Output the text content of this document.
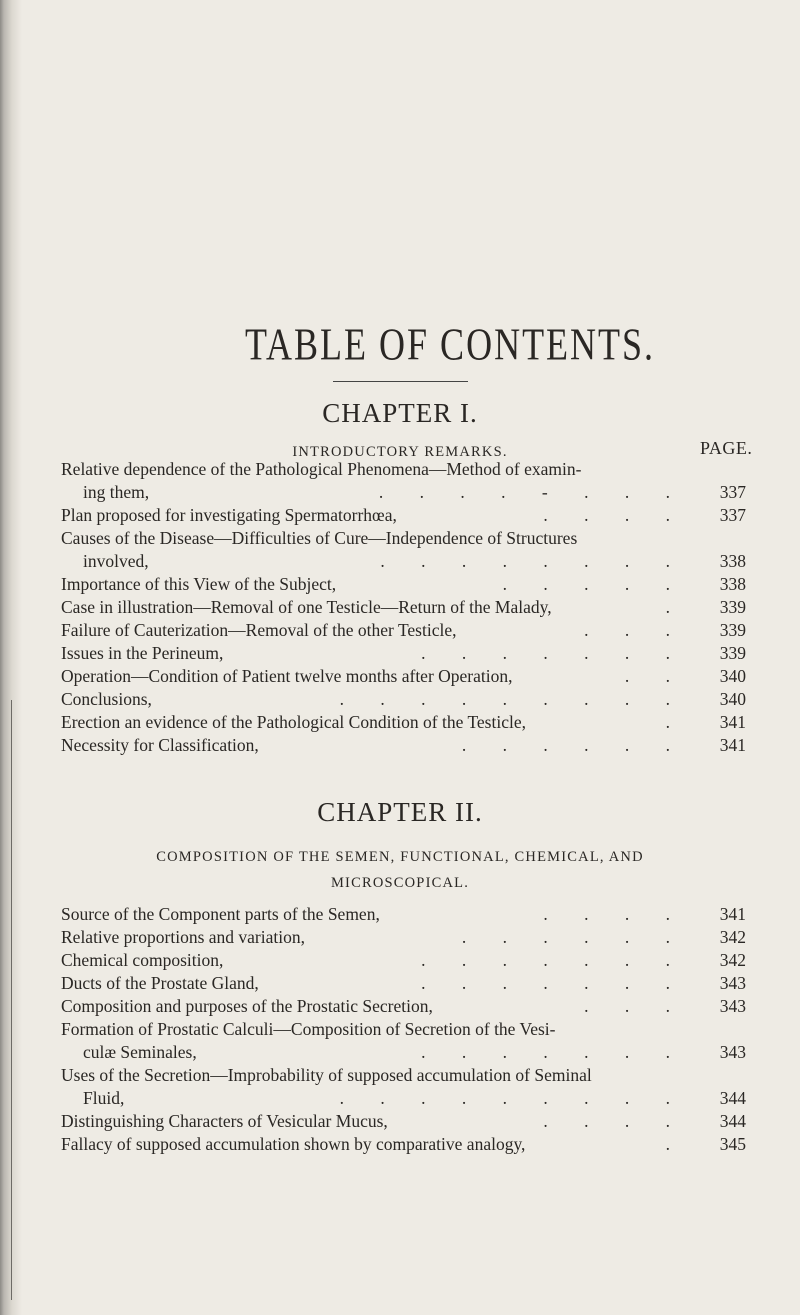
TABLE OF CONTENTS.
CHAPTER I.
INTRODUCTORY REMARKS.	PAGE.
Relative dependence of the Pathological Phenomena—Method of examin-
ing them,	. . . . - . . .	337
Plan proposed for investigating Spermatorrhœa,	. . . .	337
Causes of the Disease—Difficulties of Cure—Independence of Structures
involved,	. . . . . . . .	338
Importance of this View of the Subject,	. . . . .	338
Case in illustration—Removal of one Testicle—Return of the Malady,	.	339
Failure of Cauterization—Removal of the other Testicle,	. . .	339
Issues in the Perineum,	. . . . . . .	339
Operation—Condition of Patient twelve months after Operation,	. .	340
Conclusions,	. . . . . . . . .	340
Erection an evidence of the Pathological Condition of the Testicle,	.	341
Necessity for Classification,	. . . . . .	341
CHAPTER II.
COMPOSITION OF THE SEMEN, FUNCTIONAL, CHEMICAL, AND
MICROSCOPICAL.
Source of the Component parts of the Semen,	. . . .	341
Relative proportions and variation,	. . . . . .	342
Chemical composition,	. . . . . . .	342
Ducts of the Prostate Gland,	. . . . . . .	343
Composition and purposes of the Prostatic Secretion,	. . .	343
Formation of Prostatic Calculi—Composition of Secretion of the Vesi-
culæ Seminales,	. . . . . . .	343
Uses of the Secretion—Improbability of supposed accumulation of Seminal
Fluid,	. . . . . . . . .	344
Distinguishing Characters of Vesicular Mucus,	. . . .	344
Fallacy of supposed accumulation shown by comparative analogy,	.	345
